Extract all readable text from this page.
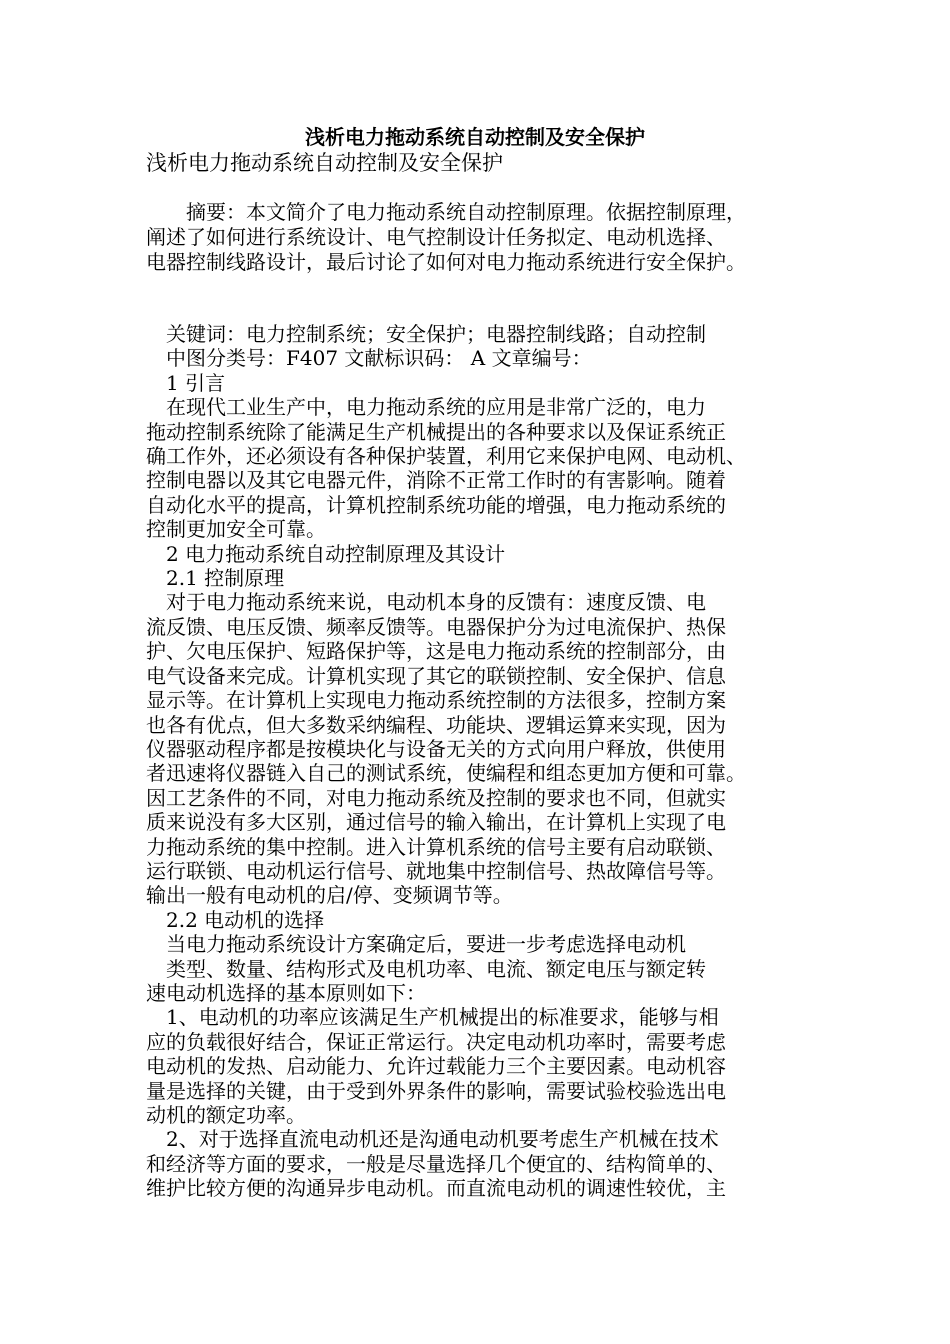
浅析电力拖动系统自动控制及安全保护
浅析电力拖动系统自动控制及安全保护
　　摘要：本文简介了电力拖动系统自动控制原理。依据控制原理，
阐述了如何进行系统设计、电气控制设计任务拟定、电动机选择、
电器控制线路设计，最后讨论了如何对电力拖动系统进行安全保护。
　关键词：电力控制系统；安全保护；电器控制线路；自动控制
　中图分类号：F407 文献标识码： A 文章编号：
　1 引言
　在现代工业生产中，电力拖动系统的应用是非常广泛的，电力
拖动控制系统除了能满足生产机械提出的各种要求以及保证系统正
确工作外，还必须设有各种保护装置，利用它来保护电网、电动机、
控制电器以及其它电器元件，消除不正常工作时的有害影响。随着
自动化水平的提高，计算机控制系统功能的增强，电力拖动系统的
控制更加安全可靠。
　2 电力拖动系统自动控制原理及其设计
　2.1 控制原理
　对于电力拖动系统来说，电动机本身的反馈有：速度反馈、电
流反馈、电压反馈、频率反馈等。电器保护分为过电流保护、热保
护、欠电压保护、短路保护等，这是电力拖动系统的控制部分，由
电气设备来完成。计算机实现了其它的联锁控制、安全保护、信息
显示等。在计算机上实现电力拖动系统控制的方法很多，控制方案
也各有优点，但大多数采纳编程、功能块、逻辑运算来实现，因为
仪器驱动程序都是按模块化与设备无关的方式向用户释放，供使用
者迅速将仪器链入自己的测试系统，使编程和组态更加方便和可靠。
因工艺条件的不同，对电力拖动系统及控制的要求也不同，但就实
质来说没有多大区别，通过信号的输入输出，在计算机上实现了电
力拖动系统的集中控制。进入计算机系统的信号主要有启动联锁、
运行联锁、电动机运行信号、就地集中控制信号、热故障信号等。
输出一般有电动机的启/停、变频调节等。
　2.2 电动机的选择
　当电力拖动系统设计方案确定后，要进一步考虑选择电动机
　类型、数量、结构形式及电机功率、电流、额定电压与额定转
速电动机选择的基本原则如下：
　1、电动机的功率应该满足生产机械提出的标准要求，能够与相
应的负载很好结合，保证正常运行。决定电动机功率时，需要考虑
电动机的发热、启动能力、允许过载能力三个主要因素。电动机容
量是选择的关键，由于受到外界条件的影响，需要试验校验选出电
动机的额定功率。
　2、对于选择直流电动机还是沟通电动机要考虑生产机械在技术
和经济等方面的要求，一般是尽量选择几个便宜的、结构简单的、
维护比较方便的沟通异步电动机。而直流电动机的调速性较优，主
